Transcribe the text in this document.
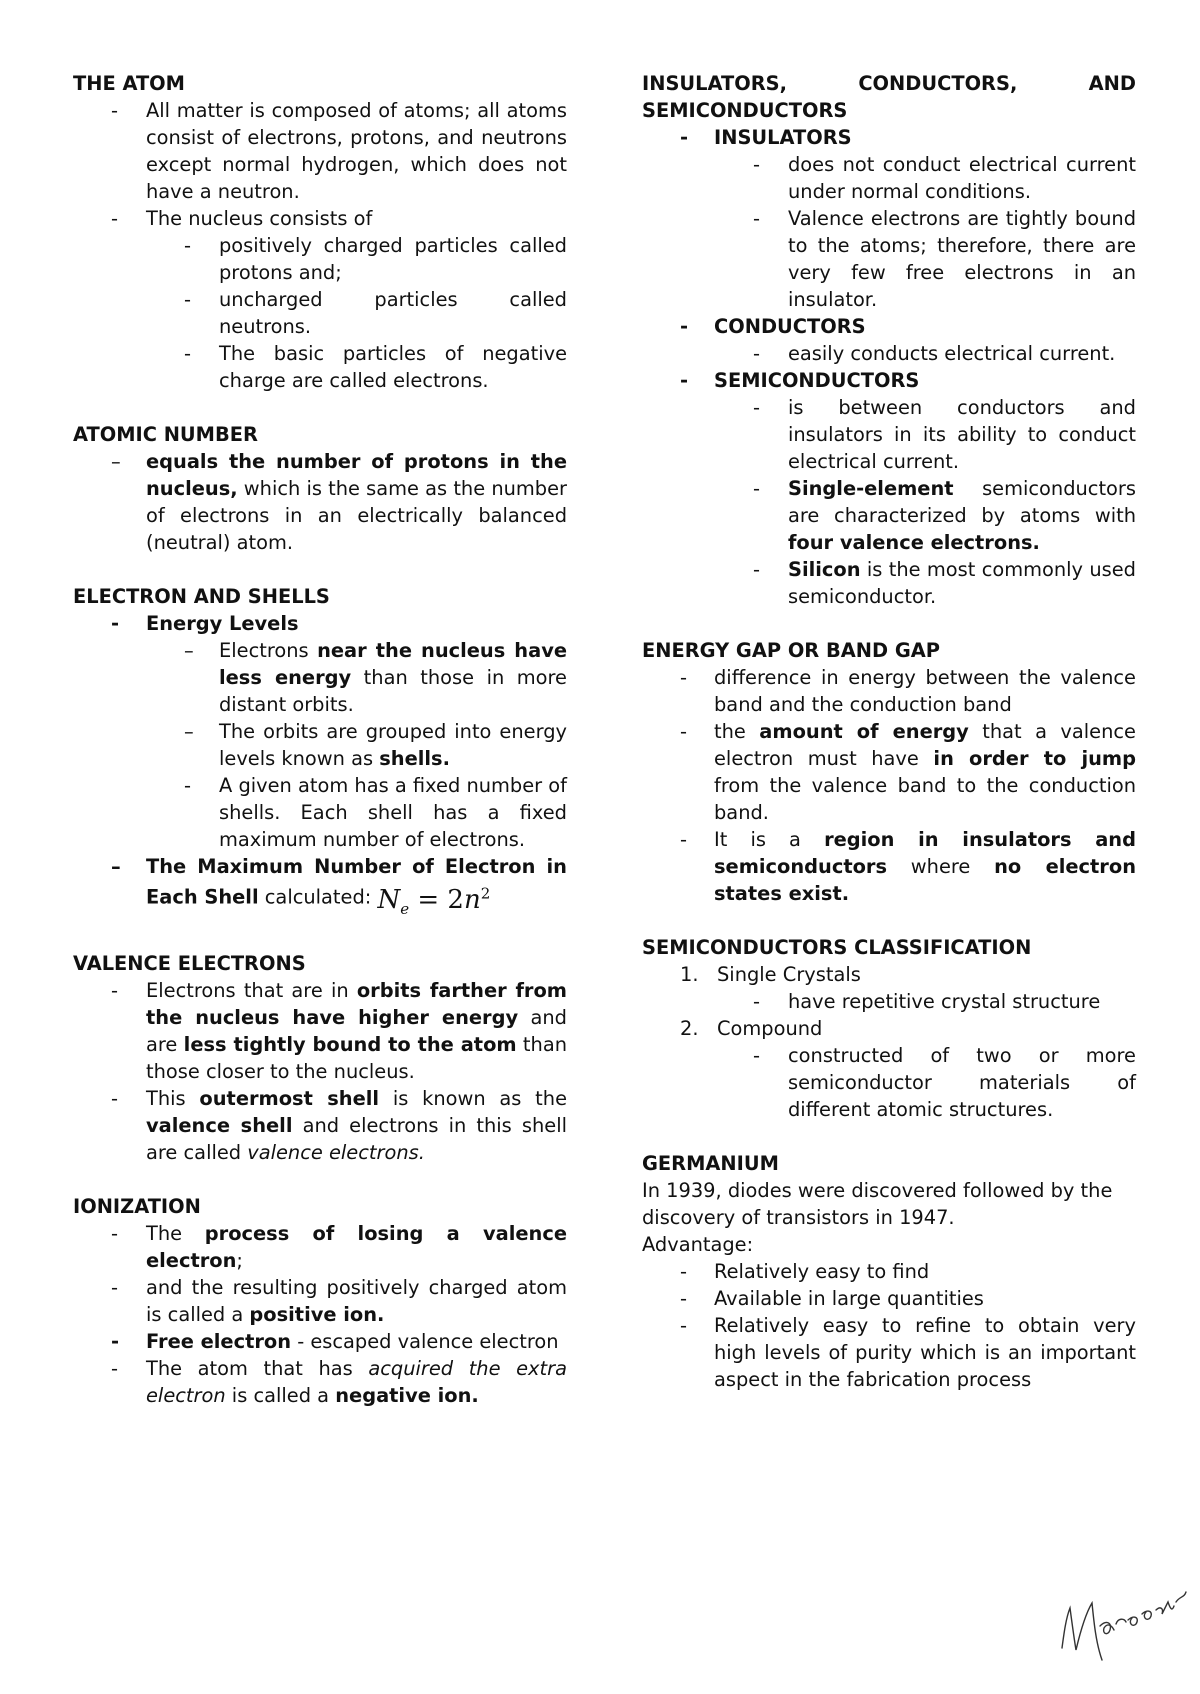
THE ATOM
-	All matter is composed of atoms; all atoms consist of electrons, protons, and neutrons except normal hydrogen, which does not have a neutron.
-	The nucleus consists of
-	positively charged particles called protons and;
-	uncharged particles called neutrons.
-	The basic particles of negative charge are called electrons.
ATOMIC NUMBER
–	equals the number of protons in the nucleus, which is the same as the number of electrons in an electrically balanced (neutral) atom.
ELECTRON AND SHELLS
-	Energy Levels
–	Electrons near the nucleus have less energy than those in more distant orbits.
–	The orbits are grouped into energy levels known as shells.
-	A given atom has a fixed number of shells. Each shell has a fixed maximum number of electrons.
–	The Maximum Number of Electron in Each Shell calculated: $N_e = 2n^2$
VALENCE ELECTRONS
-	Electrons that are in orbits farther from the nucleus have higher energy and are less tightly bound to the atom than those closer to the nucleus.
-	This outermost shell is known as the valence shell and electrons in this shell are called valence electrons.
IONIZATION
-	The process of losing a valence electron;
-	and the resulting positively charged atom is called a positive ion.
-	Free electron - escaped valence electron
-	The atom that has acquired the extra electron is called a negative ion.
INSULATORS, CONDUCTORS, AND SEMICONDUCTORS
-	INSULATORS
-	does not conduct electrical current under normal conditions.
-	Valence electrons are tightly bound to the atoms; therefore, there are very few free electrons in an insulator.
-	CONDUCTORS
-	easily conducts electrical current.
-	SEMICONDUCTORS
-	is between conductors and insulators in its ability to conduct electrical current.
-	Single-element semiconductors are characterized by atoms with four valence electrons.
-	Silicon is the most commonly used semiconductor.
ENERGY GAP OR BAND GAP
-	difference in energy between the valence band and the conduction band
-	the amount of energy that a valence electron must have in order to jump from the valence band to the conduction band.
-	It is a region in insulators and semiconductors where no electron states exist.
SEMICONDUCTORS CLASSIFICATION
1. Single Crystals
-	have repetitive crystal structure
2. Compound
-	constructed of two or more semiconductor materials of different atomic structures.
GERMANIUM
In 1939, diodes were discovered followed by the discovery of transistors in 1947.
Advantage:
-	Relatively easy to find
-	Available in large quantities
-	Relatively easy to refine to obtain very high levels of purity which is an important aspect in the fabrication process
